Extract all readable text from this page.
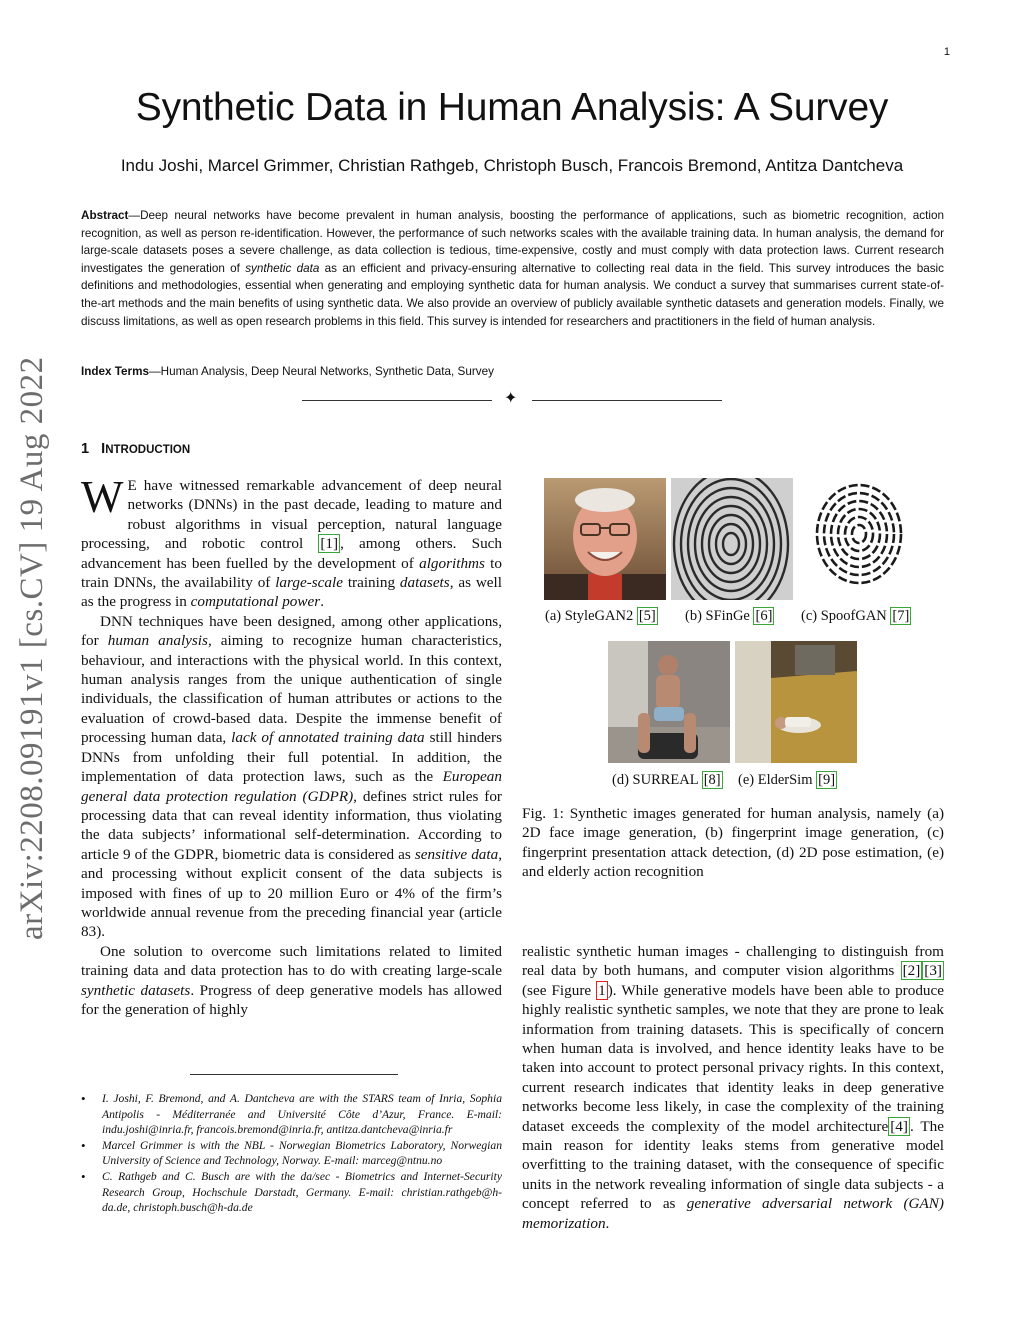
1
Synthetic Data in Human Analysis: A Survey
Indu Joshi, Marcel Grimmer, Christian Rathgeb, Christoph Busch, Francois Bremond, Antitza Dantcheva
Abstract—Deep neural networks have become prevalent in human analysis, boosting the performance of applications, such as biometric recognition, action recognition, as well as person re-identification. However, the performance of such networks scales with the available training data. In human analysis, the demand for large-scale datasets poses a severe challenge, as data collection is tedious, time-expensive, costly and must comply with data protection laws. Current research investigates the generation of synthetic data as an efficient and privacy-ensuring alternative to collecting real data in the field. This survey introduces the basic definitions and methodologies, essential when generating and employing synthetic data for human analysis. We conduct a survey that summarises current state-of-the-art methods and the main benefits of using synthetic data. We also provide an overview of publicly available synthetic datasets and generation models. Finally, we discuss limitations, as well as open research problems in this field. This survey is intended for researchers and practitioners in the field of human analysis.
Index Terms—Human Analysis, Deep Neural Networks, Synthetic Data, Survey
✦
arXiv:2208.09191v1 [cs.CV] 19 Aug 2022 1 INTRODUCTION

W E have witnessed remarkable advancement of deep neural networks (DNNs) in the past decade, leading to mature and robust algorithms in visual perception, natural language processing, and robotic control [1] , among others. Such advancement has been fuelled by the development of algorithms to train DNNs, the availability of large-scale training datasets, as well as the progress in computational power.

DNN techniques have been designed, among other applications, for human analysis, aiming to recognize human characteristics, behaviour, and interactions with the physical world. In this context, human analysis ranges from the unique authentication of single individuals, the classification of human attributes or actions to the evaluation of crowd-based data. Despite the immense benefit of processing human data, lack of annotated training data still hinders DNNs from unfolding their full potential. In addition, the implementation of data protection laws, such as the European general data protection regulation (GDPR), defines strict rules for processing data that can reveal identity information, thus violating the data subjects’ informational self-determination. According to article 9 of the GDPR, biometric data is considered as sensitive data, and processing without explicit consent of the data subjects is imposed with fines of up to 20 million Euro or 4% of the firm’s worldwide annual revenue from the preceding financial year (article 83).

One solution to overcome such limitations related to limited training data and data protection has to do with creating large-scale synthetic datasets. Progress of deep generative models has allowed for the generation of highly

• I. Joshi, F. Bremond, and A. Dantcheva are with the STARS team of Inria, Sophia Antipolis - Méditerranée and Université Côte d’Azur, France. E-mail: indu.joshi@inria.fr, francois.bremond@inria.fr, antitza.dantcheva@inria.fr
• Marcel Grimmer is with the NBL - Norwegian Biometrics Laboratory, Norwegian University of Science and Technology, Norway. E-mail: marceg@ntnu.no
• C. Rathgeb and C. Busch are with the da/sec - Biometrics and Internet-Security Research Group, Hochschule Darstadt, Germany. E-mail: christian.rathgeb@h-da.de, christoph.busch@h-da.de
(a) StyleGAN2 [5] (b) SFinGe [6] (c) SpoofGAN [7]
(d) SURREAL [8] (e) ElderSim [9]
Fig. 1: Synthetic images generated for human analysis, namely (a) 2D face image generation, (b) fingerprint image generation, (c) fingerprint presentation attack detection, (d) 2D pose estimation, (e) and elderly action recognition

realistic synthetic human images - challenging to distinguish from real data by both humans, and computer vision algorithms [2] [3] (see Figure 1 ). While generative models have been able to produce highly realistic synthetic samples, we note that they are prone to leak information from training datasets. This is specifically of concern when human data is involved, and hence identity leaks have to be taken into account to protect personal privacy rights. In this context, current research indicates that identity leaks in deep generative networks become less likely, in case the complexity of the training dataset exceeds the complexity of the model architecture [4] . The main reason for identity leaks stems from generative model overfitting to the training dataset, with the consequence of specific units in the network revealing information of single data subjects - a concept referred to as generative adversarial network (GAN) memorization.
